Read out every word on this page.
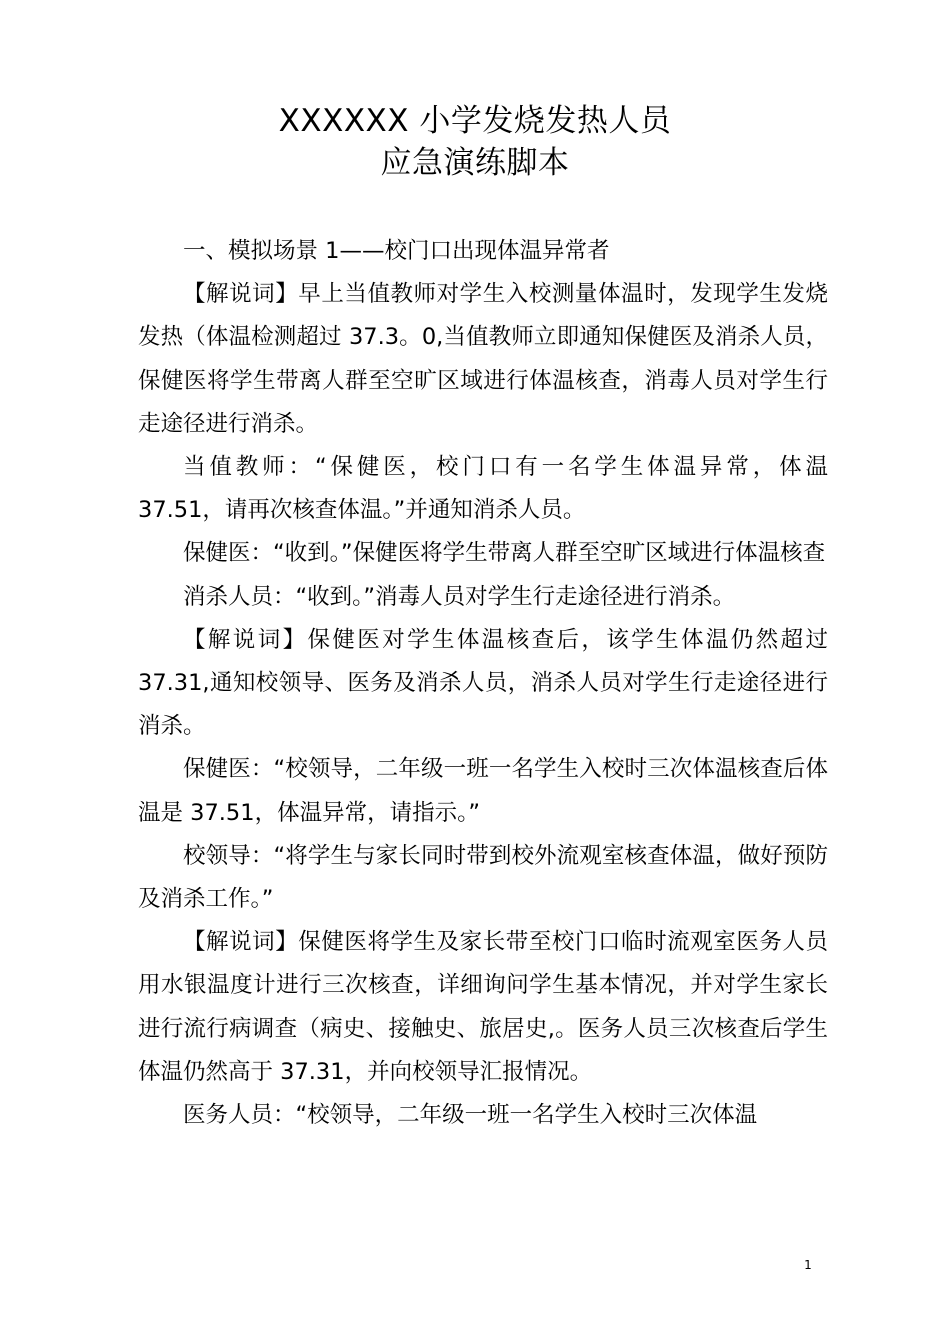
XXXXXX 小学发烧发热人员
应急演练脚本

一、模拟场景 1——校门口出现体温异常者

【解说词】早上当值教师对学生入校测量体温时，发现学生发烧发热（体温检测超过 37.3。0,当值教师立即通知保健医及消杀人员，保健医将学生带离人群至空旷区域进行体温核查，消毒人员对学生行走途径进行消杀。

当值教师：“保健医，校门口有一名学生体温异常，体温 37.51，请再次核查体温。”并通知消杀人员。

保健医：“收到。”保健医将学生带离人群至空旷区域进行体温核查

消杀人员：“收到。”消毒人员对学生行走途径进行消杀。

【解说词】保健医对学生体温核查后，该学生体温仍然超过 37.31,通知校领导、医务及消杀人员，消杀人员对学生行走途径进行消杀。

保健医：“校领导，二年级一班一名学生入校时三次体温核查后体温是 37.51，体温异常，请指示。”

校领导：“将学生与家长同时带到校外流观室核查体温，做好预防及消杀工作。”

【解说词】保健医将学生及家长带至校门口临时流观室医务人员用水银温度计进行三次核查，详细询问学生基本情况，并对学生家长进行流行病调查（病史、接触史、旅居史,。医务人员三次核查后学生体温仍然高于 37.31，并向校领导汇报情况。

医务人员：“校领导，二年级一班一名学生入校时三次体温

1
